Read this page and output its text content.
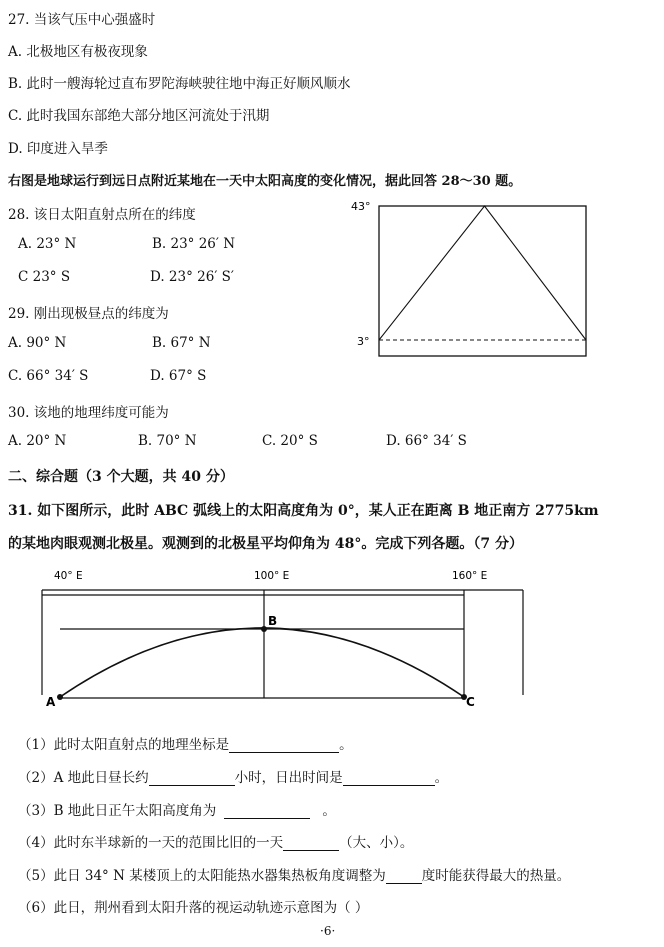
27. 当该气压中心强盛时
A. 北极地区有极夜现象
B. 此时一艘海轮过直布罗陀海峡驶往地中海正好顺风顺水
C. 此时我国东部绝大部分地区河流处于汛期
D. 印度进入旱季
右图是地球运行到远日点附近某地在一天中太阳高度的变化情况，据此回答 28～30 题。
28. 该日太阳直射点所在的纬度
A. 23° N	B. 23° 26′ N
C 23° S	D. 23° 26′ S′
29. 刚出现极昼点的纬度为
A. 90° N	B. 67° N
C. 66° 34′ S	D. 67° S
30. 该地的地理纬度可能为
A. 20° N	B. 70° N	C. 20° S	D. 66° 34′ S
43°
3°
二、综合题（3 个大题，共 40 分）
31. 如下图所示，此时 ABC 弧线上的太阳高度角为 0°，某人正在距离 B 地正南方 2775km
的某地肉眼观测北极星。观测到的北极星平均仰角为 48°。完成下列各题。（7 分）
40° E	100° E	160° E
A
B
C
（1）此时太阳直射点的地理坐标是	。
（2）A 地此日昼长约	小时，日出时间是	。
（3）B 地此日正午太阳高度角为	。
（4）此时东半球新的一天的范围比旧的一天	（大、小）。
（5）此日 34° N 某楼顶上的太阳能热水器集热板角度调整为	度时能获得最大的热量。
（6）此日，荆州看到太阳升落的视运动轨迹示意图为（ ）
·6·
